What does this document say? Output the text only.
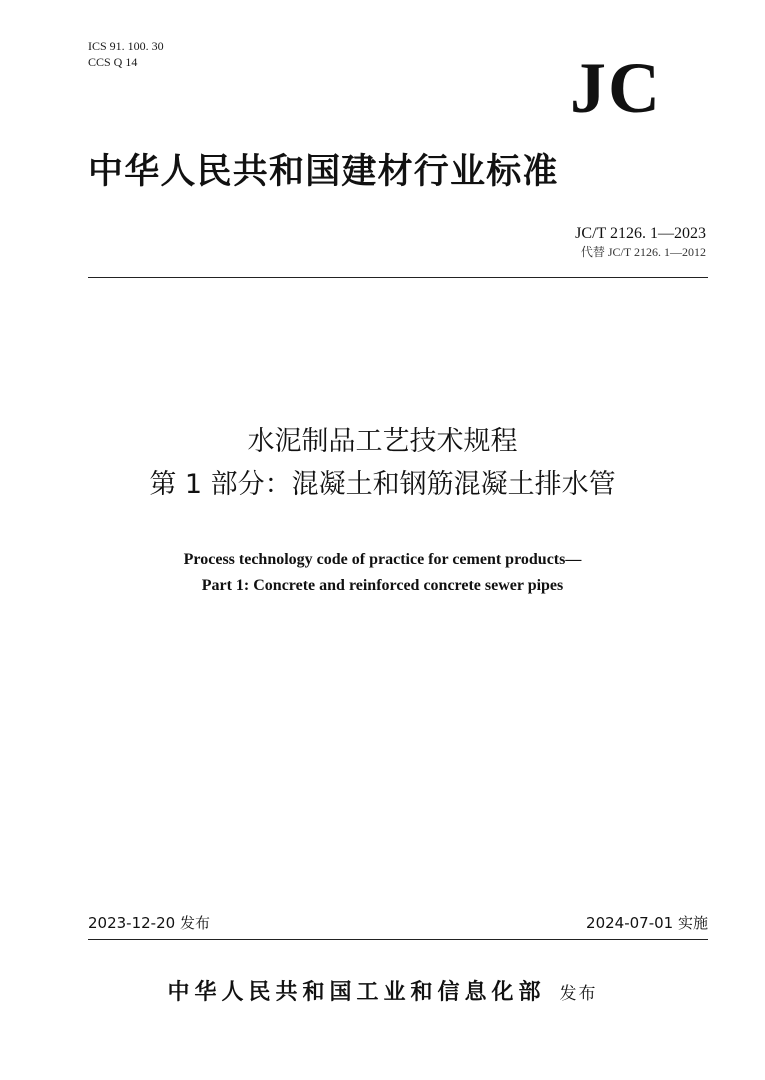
ICS 91. 100. 30
CCS Q 14	JC
中华人民共和国建材行业标准
JC/T 2126. 1—2023
代替 JC/T 2126. 1—2012
水泥制品工艺技术规程
第 1 部分：混凝土和钢筋混凝土排水管
Process technology code of practice for cement products—
Part 1: Concrete and reinforced concrete sewer pipes
2023-12-20 发布	2024-07-01 实施
中华人民共和国工业和信息化部 发布
